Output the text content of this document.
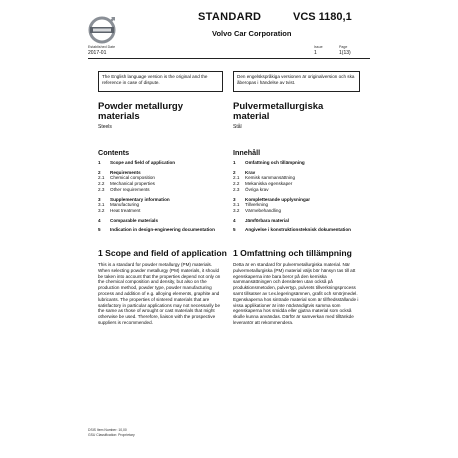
STANDARD	VCS 1180,1
Volvo Car Corporation
Established Date
2017-01
Issue
1
Page
1(13)
The English language version is the original and the reference in case of dispute.
Den engelskspråkiga versionen är originalversion och ska åberopas i händelse av tvist.
Powder metallurgy materials
Steels
Pulvermetallurgiska material
Stål
Contents	Innehåll
1	Scope and field of application
2	Requirements
2.1	Chemical composition
2.2	Mechanical properties
2.3	Other requirements
3	Supplementary information
3.1	Manufacturing
3.2	Heat treatment
4	Comparable materials
5	Indication in design-engineering documentation
1	Omfattning och tillämpning
2	Krav
2.1	Kemisk sammansättning
2.2	Mekaniska egenskaper
2.3	Övriga krav
3	Kompletterande upplysningar
3.1	Tillverkning
3.2	Värmebehandling
4	Jämförbara material
5	Angivelse i konstruktionsteknisk dokumentation
1 Scope and field of application 1 Omfattning och tillämpning
This is a standard for powder metallurgy (PM) materials. When selecting powder metallurgy (PM) materials, it should be taken into account that the properties depend not only on the chemical composition and density, but also on the production method, powder type, powder manufacturing process and addition of e.g. alloying elements, graphite and lubricants. The properties of sintered materials that are satisfactory in particular applications may not necessarily be the same as those of wrought or cast materials that might otherwise be used. Therefore, liaison with the prospective suppliers is recommended.
Detta är en standard för pulvermetallurgiska material. När pulvermetallurgiska (PM) material väljs bör hänsyn tas till att egenskaperna inte bara beror på den kemiska sammansättningen och densiteten utan också på produktionsmetoden, pulvertyp, pulvrets tillverkningsprocess samt tillsatser av t.ex.legeringsämnen, grafit och smörjmedel. Egenskaperna hos sintrade material som är tillfredsställande i vissa applikationer är inte nödvändigtvis samma som egenskaperna hos smidda eller gjutna material som också skulle kunna användas. Därför är samverkan med tilltänkde leverantör att rekommendera.
DSIS Item Number: 10,00
GSU Classification: Proprietary
